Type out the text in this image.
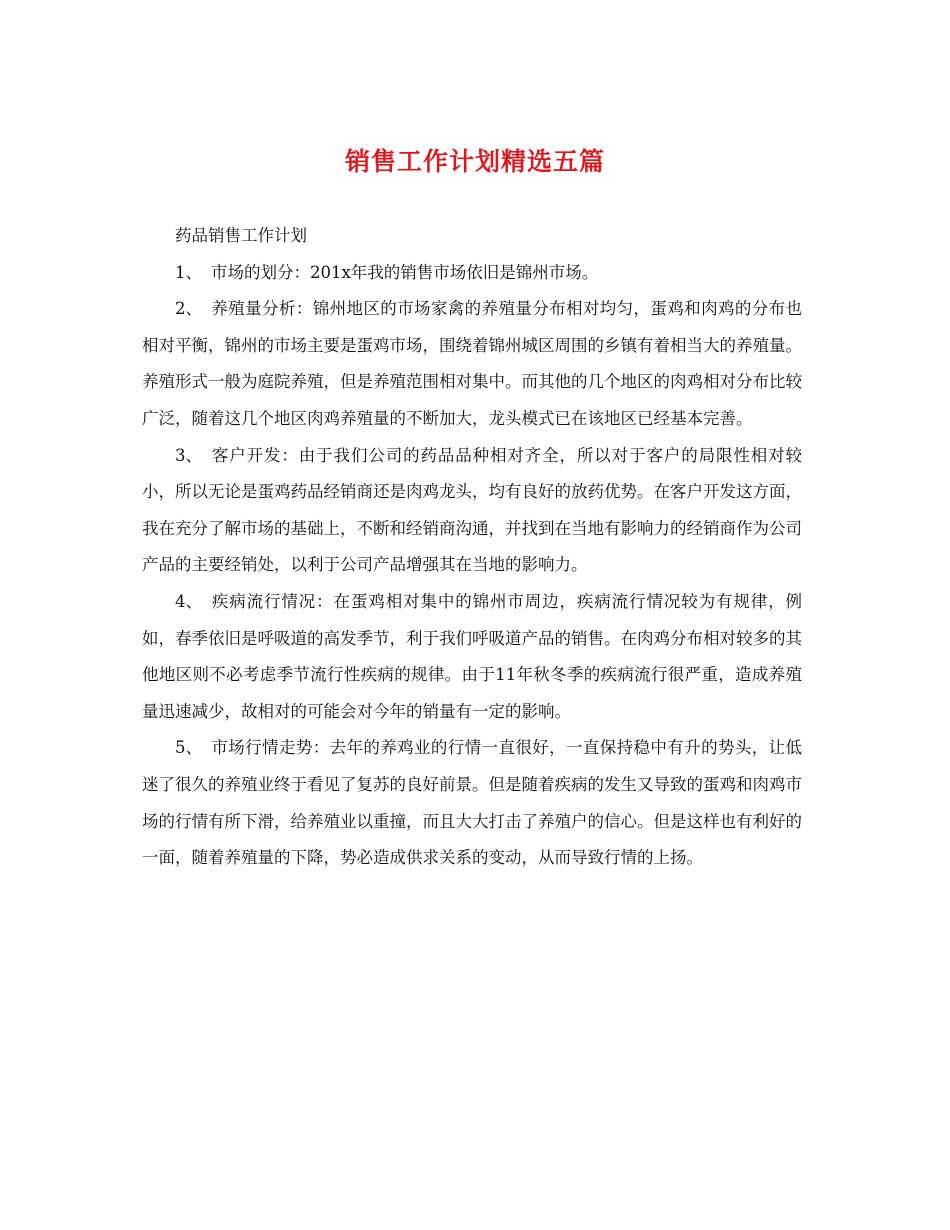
销售工作计划精选五篇

药品销售工作计划

1、 市场的划分：201x年我的销售市场依旧是锦州市场。

2、 养殖量分析：锦州地区的市场家禽的养殖量分布相对均匀，蛋鸡和肉鸡的分布也相对平衡，锦州的市场主要是蛋鸡市场，围绕着锦州城区周围的乡镇有着相当大的养殖量。养殖形式一般为庭院养殖，但是养殖范围相对集中。而其他的几个地区的肉鸡相对分布比较广泛，随着这几个地区肉鸡养殖量的不断加大，龙头模式已在该地区已经基本完善。

3、 客户开发：由于我们公司的药品品种相对齐全，所以对于客户的局限性相对较小，所以无论是蛋鸡药品经销商还是肉鸡龙头，均有良好的放药优势。在客户开发这方面，我在充分了解市场的基础上，不断和经销商沟通，并找到在当地有影响力的经销商作为公司产品的主要经销处，以利于公司产品增强其在当地的影响力。

4、 疾病流行情况：在蛋鸡相对集中的锦州市周边，疾病流行情况较为有规律，例如，春季依旧是呼吸道的高发季节，利于我们呼吸道产品的销售。在肉鸡分布相对较多的其他地区则不必考虑季节流行性疾病的规律。由于11年秋冬季的疾病流行很严重，造成养殖量迅速减少，故相对的可能会对今年的销量有一定的影响。

5、 市场行情走势：去年的养鸡业的行情一直很好，一直保持稳中有升的势头，让低迷了很久的养殖业终于看见了复苏的良好前景。但是随着疾病的发生又导致的蛋鸡和肉鸡市场的行情有所下滑，给养殖业以重撞，而且大大打击了养殖户的信心。但是这样也有利好的一面，随着养殖量的下降，势必造成供求关系的变动，从而导致行情的上扬。
